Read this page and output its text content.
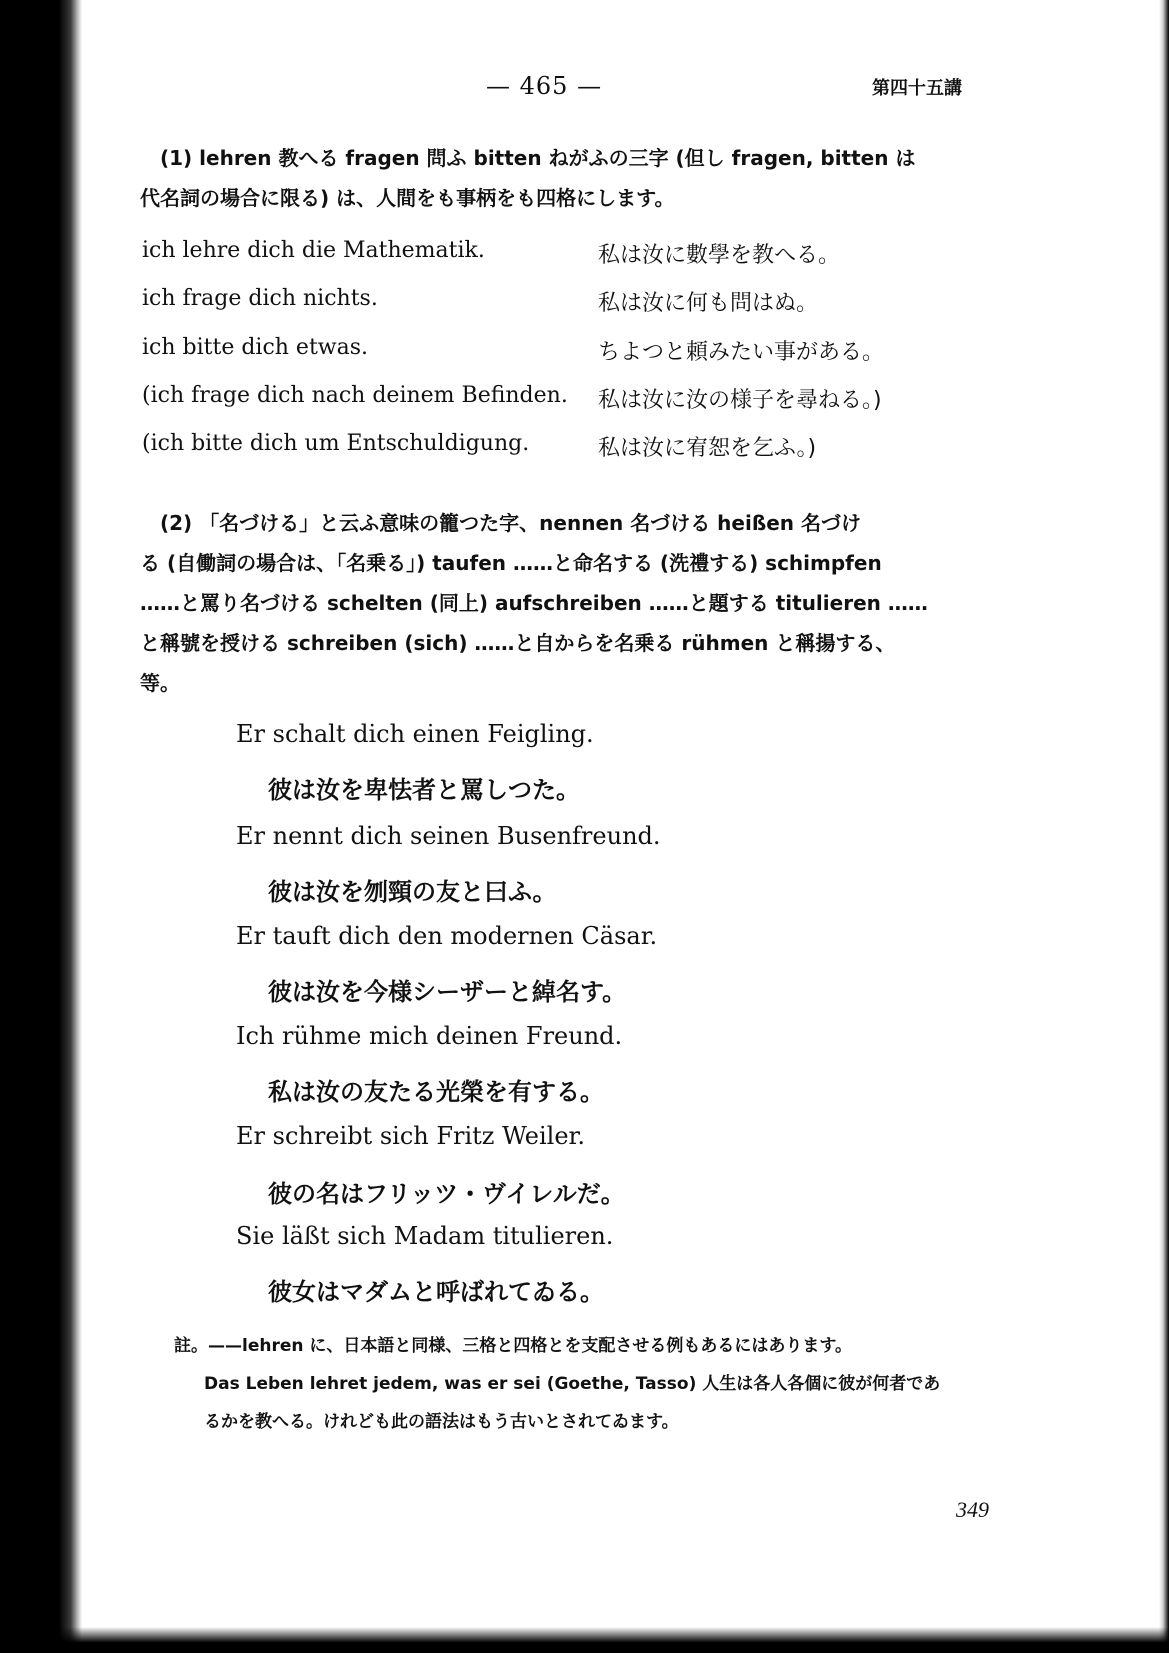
— 465 —	第四十五講
(1) lehren 教へる fragen 問ふ bitten ねがふの三字 (但し fragen, bitten は
代名詞の場合に限る) は、人間をも事柄をも四格にします。
ich lehre dich die Mathematik.	私は汝に數學を教へる。
ich frage dich nichts.	私は汝に何も問はぬ。
ich bitte dich etwas.	ちよつと頼みたい事がある。
(ich frage dich nach deinem Befinden. 私は汝に汝の様子を尋ねる。)
(ich bitte dich um Entschuldigung.	私は汝に宥恕を乞ふ。)
(2) 「名づける」と云ふ意味の籠つた字、nennen 名づける heißen 名づけ
る (自働詞の場合は、「名乗る」) taufen ……と命名する (洗禮する) schimpfen
……と罵り名づける schelten (同上) aufschreiben ……と題する titulieren ……
と稱號を授ける schreiben (sich) ……と自からを名乗る rühmen と稱揚する、
等。
Er schalt dich einen Feigling.
彼は汝を卑怯者と罵しつた。
Er nennt dich seinen Busenfreund.
彼は汝を刎頸の友と曰ふ。
Er tauft dich den modernen Cäsar.
彼は汝を今様シーザーと綽名す。
Ich rühme mich deinen Freund.
私は汝の友たる光榮を有する。
Er schreibt sich Fritz Weiler.
彼の名はフリッツ・ヴイレルだ。
Sie läßt sich Madam titulieren.
彼女はマダムと呼ばれてゐる。
註。——lehren に、日本語と同様、三格と四格とを支配させる例もあるにはあります。
Das Leben lehret jedem, was er sei (Goethe, Tasso) 人生は各人各個に彼が何者であ
るかを教へる。けれども此の語法はもう古いとされてゐます。
349
